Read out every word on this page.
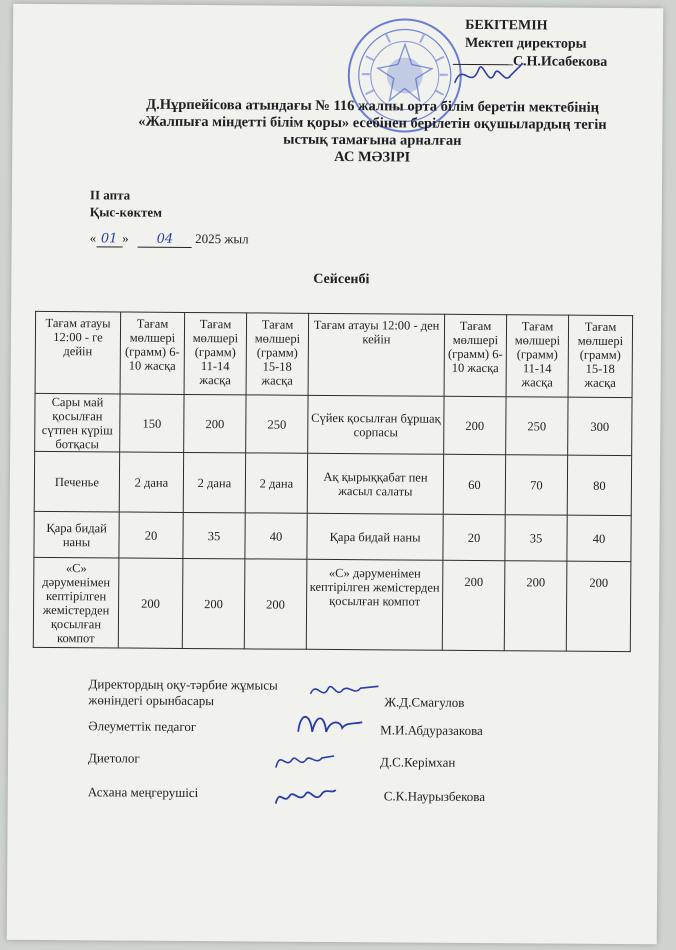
БЕКІТЕМІН
Мектеп директоры
С.Н.Исабекова
Д.Нұрпейісова атындағы № 116 жалпы орта білім беретін мектебінің
«Жалпыға міндетті білім қоры» есебінен берілетін оқушылардың тегін
ыстық тамағына арналған
АС МӘЗІРІ
II апта
Қыс-көктем
« 01 » 04 2025 жыл
Сейсенбі
Тағам атауы 12:00 - ге дейін	Тағам мөлшері (грамм) 6-10 жасқа	Тағам мөлшері (грамм) 11-14 жасқа	Тағам мөлшері (грамм) 15-18 жасқа	Тағам атауы 12:00 - ден кейін	Тағам мөлшері (грамм) 6-10 жасқа	Тағам мөлшері (грамм) 11-14 жасқа	Тағам мөлшері (грамм) 15-18 жасқа
Сары май қосылған сүтпен күріш ботқасы	150	200	250	Сүйек қосылған бұршақ сорпасы	200	250	300
Печенье	2 дана	2 дана	2 дана	Ақ қырыққабат пен жасыл салаты	60	70	80
Қара бидай наны	20	35	40	Қара бидай наны	20	35	40
«С» дәруменімен кептірілген жемістерден қосылған компот	200	200	200	«С» дәруменімен кептірілген жемістерден қосылған компот	200	200	200
Директордың оқу-тәрбие жұмысы жөніндегі орынбасары	Ж.Д.Смагулов
Әлеуметтік педагог	М.И.Абдуразакова
Диетолог	Д.С.Керімхан
Асхана меңгерушісі	С.К.Наурызбекова
